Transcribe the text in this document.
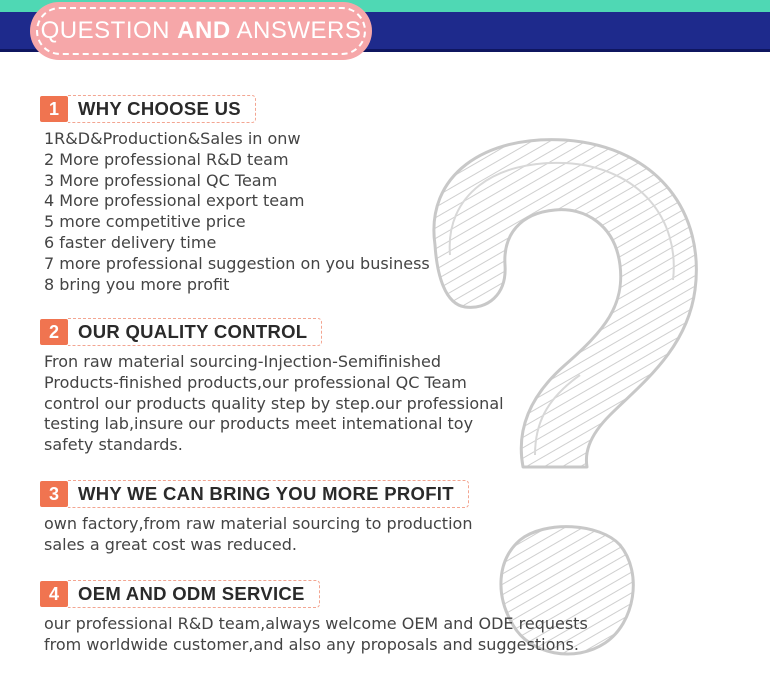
QUESTION AND ANSWERS
1	WHY CHOOSE US
1R&D&Production&Sales in onw
2 More professional R&D team
3 More professional QC Team
4 More professional export team
5 more competitive price
6 faster delivery time
7 more professional suggestion on you business
8 bring you more profit
2	OUR QUALITY CONTROL
Fron raw material sourcing-Injection-Semifinished
Products-finished products,our professional QC Team
control our products quality step by step.our professional
testing lab,insure our products meet intemational toy
safety standards.
3	WHY WE CAN BRING YOU MORE PROFIT
own factory,from raw material sourcing to production
sales a great cost was reduced.
4	OEM AND ODM SERVICE
our professional R&D team,always welcome OEM and ODE requests
from worldwide customer,and also any proposals and suggestions.
